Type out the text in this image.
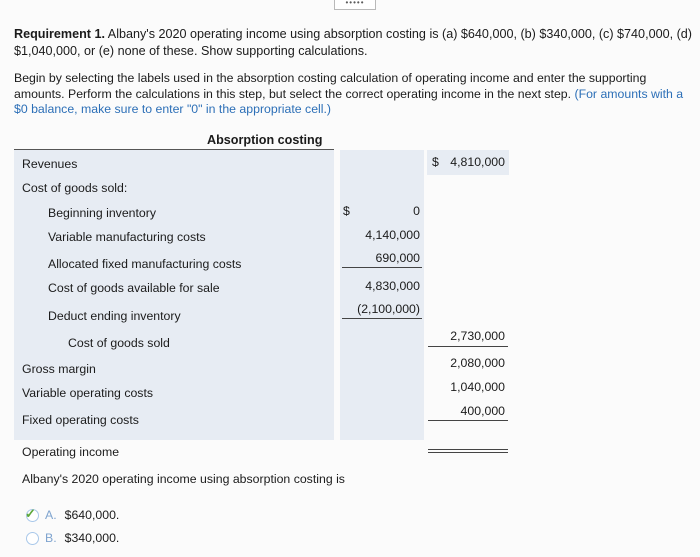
•••••
Requirement 1. Albany's 2020 operating income using absorption costing is (a) $640,000, (b) $340,000, (c) $740,000, (d) $1,040,000, or (e) none of these. Show supporting calculations.
Begin by selecting the labels used in the absorption costing calculation of operating income and enter the supporting amounts. Perform the calculations in this step, but select the correct operating income in the next step. (For amounts with a $0 balance, make sure to enter "0" in the appropriate cell.)
Absorption costing
Revenues
Cost of goods sold:
Beginning inventory
Variable manufacturing costs
Allocated fixed manufacturing costs
Cost of goods available for sale
Deduct ending inventory
Cost of goods sold
Gross margin
Variable operating costs
Fixed operating costs
Operating income
$	0
4,140,000
690,000
4,830,000
(2,100,000)
$ 4,810,000
2,730,000
2,080,000
1,040,000
400,000
Albany's 2020 operating income using absorption costing is
✓ A. $640,000.
B. $340,000.
